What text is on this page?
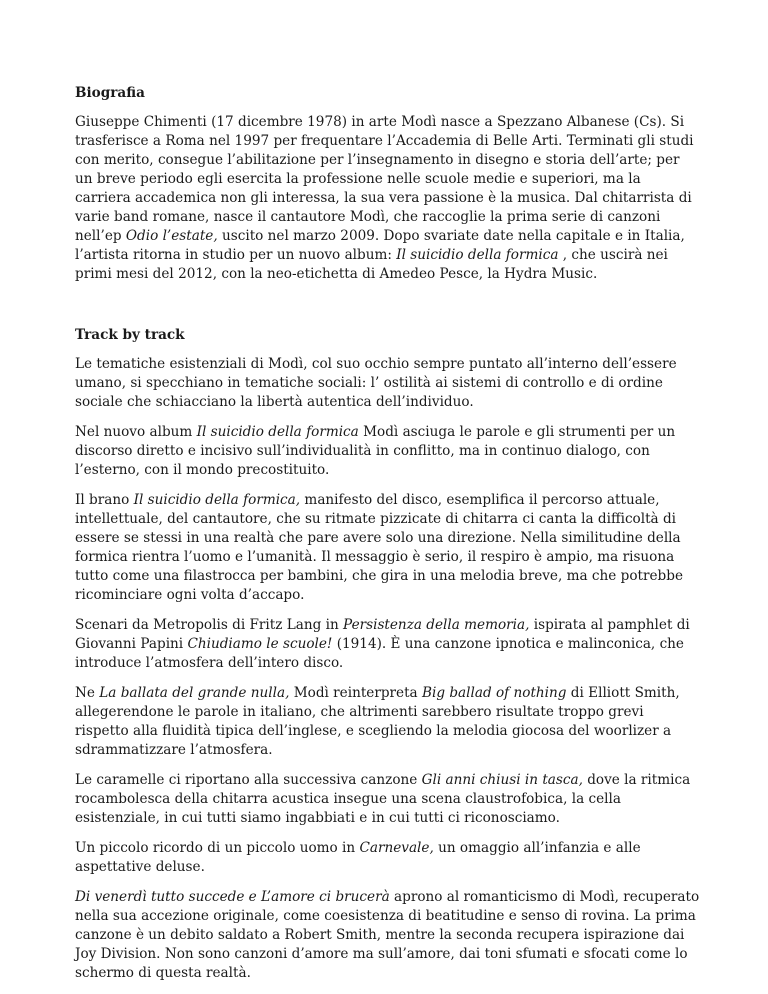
Biografia

Giuseppe Chimenti (17 dicembre 1978) in arte Modì nasce a Spezzano Albanese (Cs). Si trasferisce a Roma nel 1997 per frequentare l’Accademia di Belle Arti. Terminati gli studi con merito, consegue l’abilitazione per l’insegnamento in disegno e storia dell’arte; per un breve periodo egli esercita la professione nelle scuole medie e superiori, ma la carriera accademica non gli interessa, la sua vera passione è la musica. Dal chitarrista di varie band romane, nasce il cantautore Modì, che raccoglie la prima serie di canzoni nell’ep Odio l’estate, uscito nel marzo 2009. Dopo svariate date nella capitale e in Italia, l’artista ritorna in studio per un nuovo album: Il suicidio della formica , che uscirà nei primi mesi del 2012, con la neo-etichetta di Amedeo Pesce, la Hydra Music.

Track by track

Le tematiche esistenziali di Modì, col suo occhio sempre puntato all’interno dell’essere umano, si specchiano in tematiche sociali: l’ ostilità ai sistemi di controllo e di ordine sociale che schiacciano la libertà autentica dell’individuo.

Nel nuovo album Il suicidio della formica Modì asciuga le parole e gli strumenti per un discorso diretto e incisivo sull’individualità in conflitto, ma in continuo dialogo, con l’esterno, con il mondo precostituito.

Il brano Il suicidio della formica, manifesto del disco, esemplifica il percorso attuale, intellettuale, del cantautore, che su ritmate pizzicate di chitarra ci canta la difficoltà di essere se stessi in una realtà che pare avere solo una direzione. Nella similitudine della formica rientra l’uomo e l’umanità. Il messaggio è serio, il respiro è ampio, ma risuona tutto come una filastrocca per bambini, che gira in una melodia breve, ma che potrebbe ricominciare ogni volta d’accapo.

Scenari da Metropolis di Fritz Lang in Persistenza della memoria, ispirata al pamphlet di Giovanni Papini Chiudiamo le scuole! (1914). È una canzone ipnotica e malinconica, che introduce l’atmosfera dell’intero disco.

Ne La ballata del grande nulla, Modì reinterpreta Big ballad of nothing di Elliott Smith, allegerendone le parole in italiano, che altrimenti sarebbero risultate troppo grevi rispetto alla fluidità tipica dell’inglese, e scegliendo la melodia giocosa del woorlizer a sdrammatizzare l’atmosfera.

Le caramelle ci riportano alla successiva canzone Gli anni chiusi in tasca, dove la ritmica rocambolesca della chitarra acustica insegue una scena claustrofobica, la cella esistenziale, in cui tutti siamo ingabbiati e in cui tutti ci riconosciamo.

Un piccolo ricordo di un piccolo uomo in Carnevale, un omaggio all’infanzia e alle aspettative deluse.

Di venerdì tutto succede e L’amore ci brucerà aprono al romanticismo di Modì, recuperato nella sua accezione originale, come coesistenza di beatitudine e senso di rovina. La prima canzone è un debito saldato a Robert Smith, mentre la seconda recupera ispirazione dai Joy Division. Non sono canzoni d’amore ma sull’amore, dai toni sfumati e sfocati come lo schermo di questa realtà.
